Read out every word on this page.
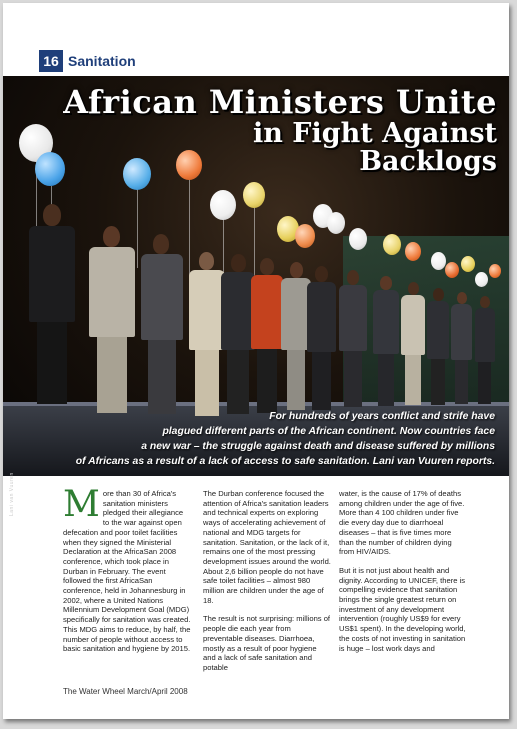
16 Sanitation
African Ministers Unite
in Fight Against
Backlogs
For hundreds of years conflict and strife have
plagued different parts of the African continent. Now countries face
a new war – the struggle against death and disease suffered by millions
of Africans as a result of a lack of access to safe sanitation. Lani van Vuuren reports.
Lani van Vuuren More than 30 of Africa's sanitation ministers pledged their allegiance to the war against open defecation and poor toilet facilities when they signed the Ministerial Declaration at the AfricaSan 2008 conference, which took place in Durban in February. The event followed the first AfricaSan conference, held in Johannesburg in 2002, where a United Nations Millennium Development Goal (MDG) specifically for sanitation was created. This MDG aims to reduce, by half, the number of people without access to basic sanitation and hygiene by 2015.

The Durban conference focused the attention of Africa's sanitation leaders and technical experts on exploring ways of accelerating achievement of national and MDG targets for sanitation. Sanitation, or the lack of it, remains one of the most pressing development issues around the world. About 2,6 billion people do not have safe toilet facilities – almost 980 million are children under the age of 18.

The result is not surprising: millions of people die each year from preventable diseases. Diarrhoea, mostly as a result of poor hygiene and a lack of safe sanitation and potable

water, is the cause of 17% of deaths among children under the age of five. More than 4 100 children under five die every day due to diarrhoeal diseases – that is five times more than the number of children dying from HIV/AIDS.

But it is not just about health and dignity. According to UNICEF, there is compelling evidence that sanitation brings the single greatest return on investment of any development intervention (roughly US$9 for every US$1 spent). In the developing world, the costs of not investing in sanitation is huge – lost work days and

The Water Wheel March/April 2008
